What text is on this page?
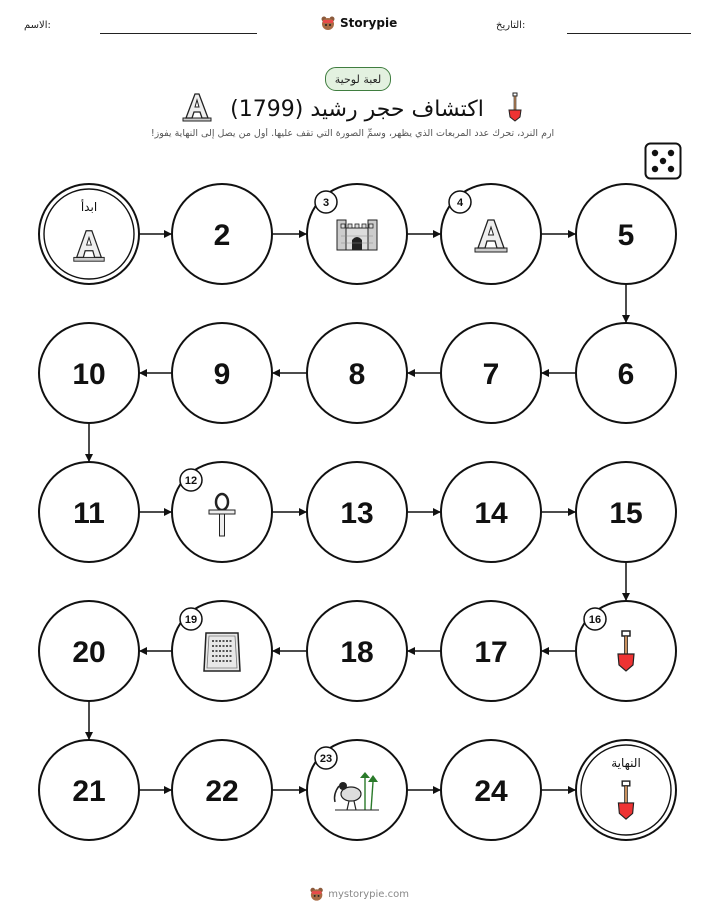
الاسم:	التاريخ:
Storypie
لعبة لوحية
اكتشاف حجر رشيد (1799)
ارم النرد، تحرك عدد المربعات الذي يظهر، وسمِّ الصورة التي تقف عليها. أول من يصل إلى النهاية يفوز!
ابدأ
2
3	4
5
6
7
8
9
10
11
12
13	14	15
16
17
18
19
20
21	22
23
24
النهاية
mystorypie.com
